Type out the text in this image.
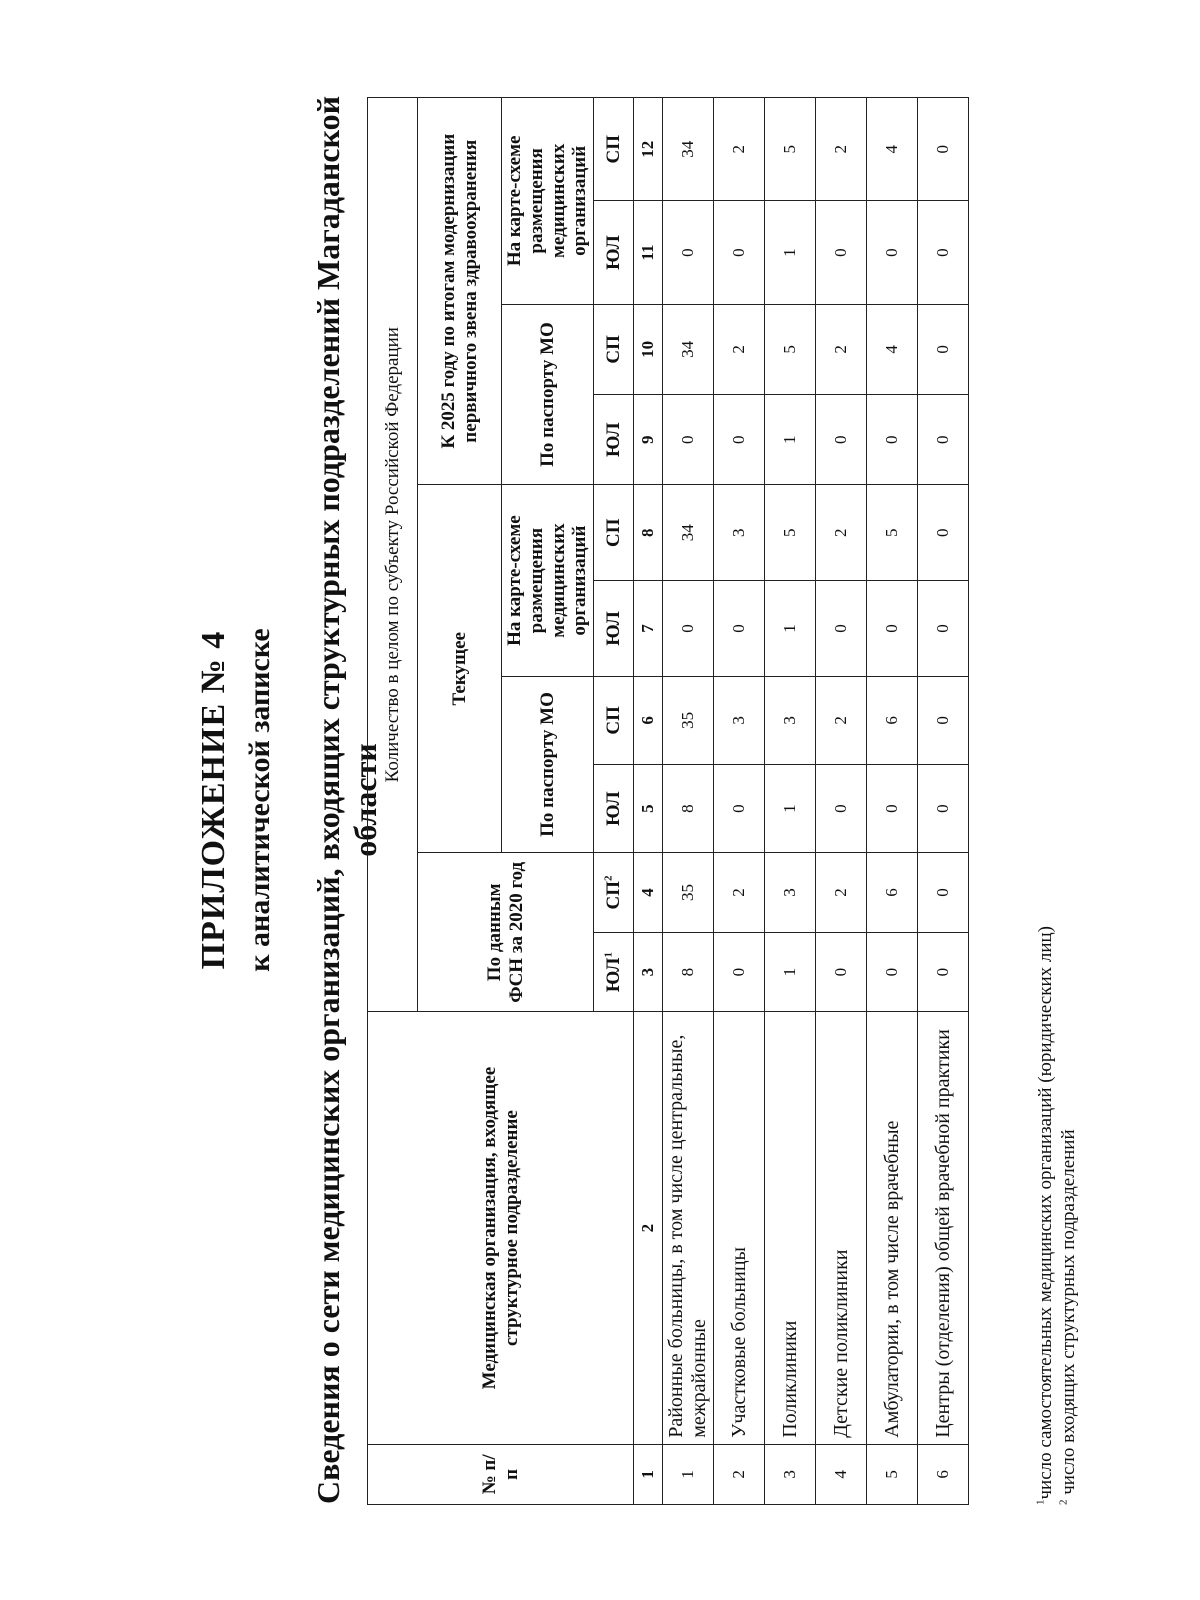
ПРИЛОЖЕНИЕ № 4 к аналитической записке Сведения о сети медицинских организаций, входящих структурных подразделений Магаданской области
№ п/п	Медицинская организация, входящее структурное подразделение	Количество в целом по субъекту Российской Федерации									
		По данным ФСН за 2020 год		Текущее				К 2025 году по итогам модернизации первичного звена здравоохранения			
				По паспорту МО		На карте-схеме размещения медицинских организаций		По паспорту МО		На карте-схеме размещения медицинских организаций	
		$ЮЛ^1$	$СП^2$	ЮЛ	СП	ЮЛ	СП	ЮЛ	СП	ЮЛ	СП
1	2	3	4	5	6	7	8	9	10	11	12
1	Районные больницы, в том числе центральные, межрайонные	8	35	8	35	0	34	0	34	0	34
2	Участковые больницы	0	2	0	3	0	3	0	2	0	2
3	Поликлиники	1	3	1	3	1	5	1	5	1	5
4	Детские поликлиники	0	2	0	2	0	2	0	2	0	2
5	Амбулатории, в том числе врачебные	0	6	0	6	0	5	0	4	0	4
6	Центры (отделения) общей врачебной практики	0	0	0	0	0	0	0	0	0	0
$^1$число самостоятельных медицинских организаций (юридических лиц)
$^2$ число входящих структурных подразделений
